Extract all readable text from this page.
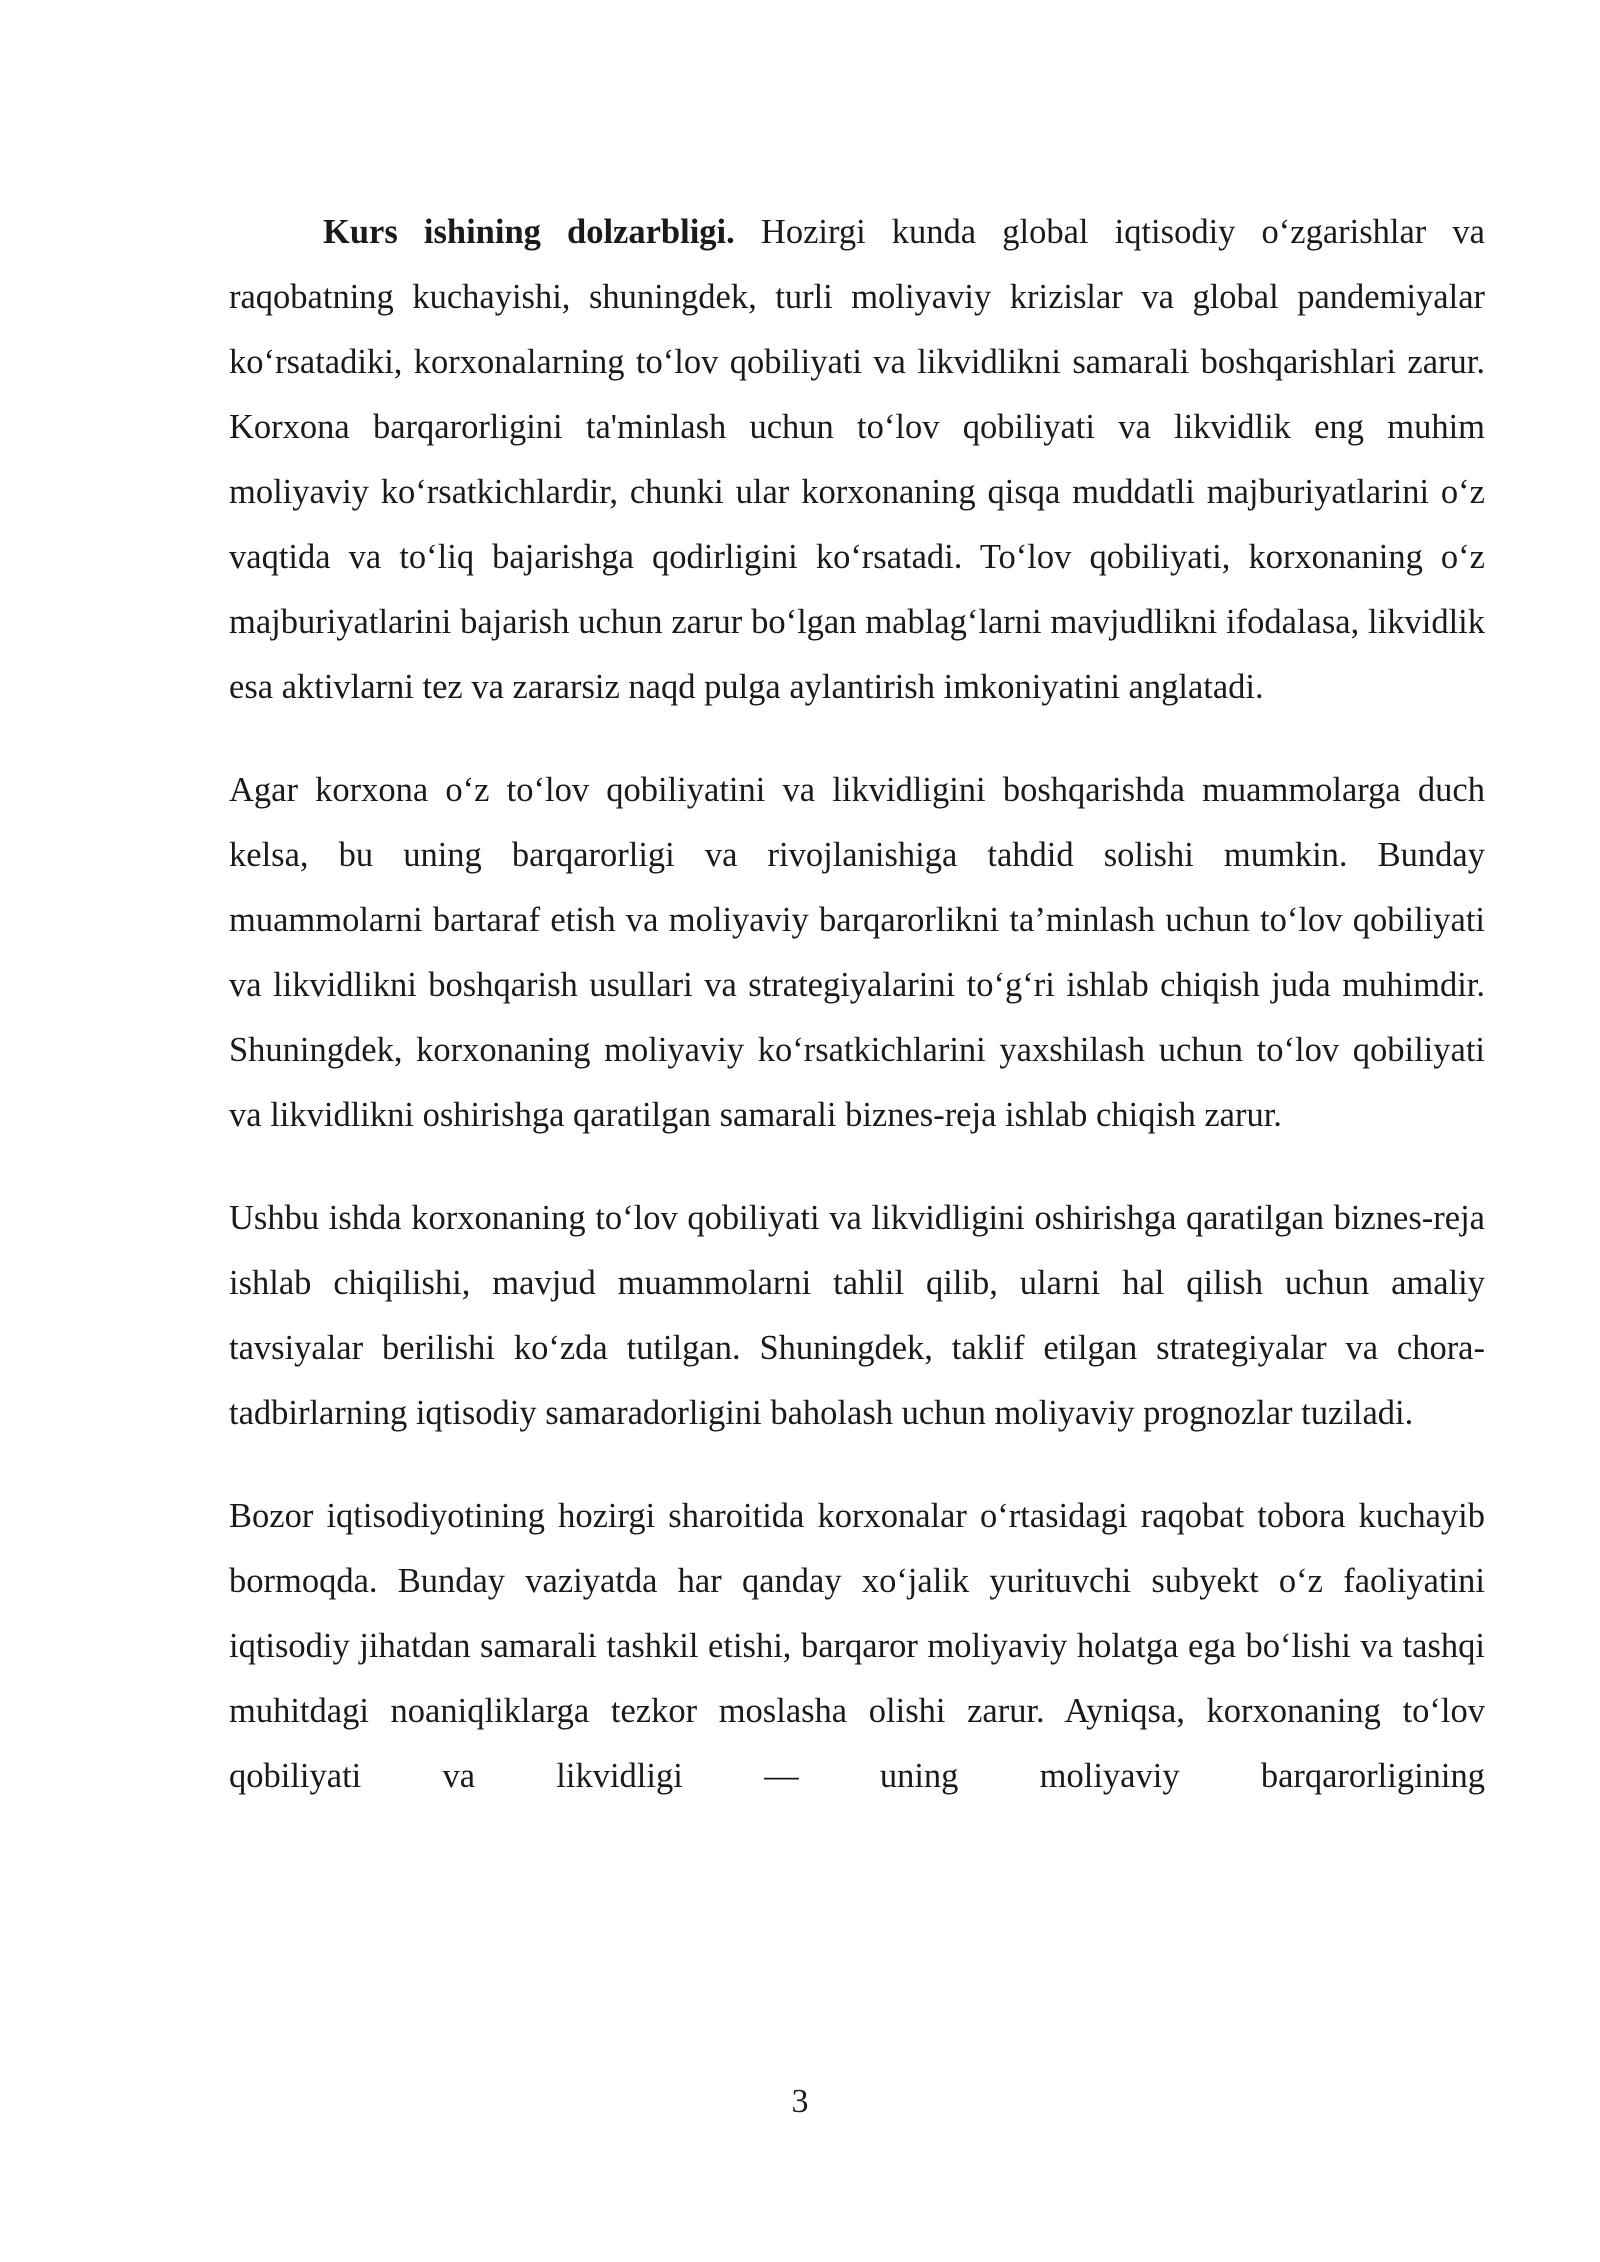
Kurs ishining dolzarbligi. Hozirgi kunda global iqtisodiy o‘zgarishlar va raqobatning kuchayishi, shuningdek, turli moliyaviy krizislar va global pandemiyalar ko‘rsatadiki, korxonalarning to‘lov qobiliyati va likvidlikni samarali boshqarishlari zarur. Korxona barqarorligini ta'minlash uchun to‘lov qobiliyati va likvidlik eng muhim moliyaviy ko‘rsatkichlardir, chunki ular korxonaning qisqa muddatli majburiyatlarini o‘z vaqtida va to‘liq bajarishga qodirligini ko‘rsatadi. To‘lov qobiliyati, korxonaning o‘z majburiyatlarini bajarish uchun zarur bo‘lgan mablag‘larni mavjudlikni ifodalasa, likvidlik esa aktivlarni tez va zararsiz naqd pulga aylantirish imkoniyatini anglatadi.

Agar korxona o‘z to‘lov qobiliyatini va likvidligini boshqarishda muammolarga duch kelsa, bu uning barqarorligi va rivojlanishiga tahdid solishi mumkin. Bunday muammolarni bartaraf etish va moliyaviy barqarorlikni ta’minlash uchun to‘lov qobiliyati va likvidlikni boshqarish usullari va strategiyalarini to‘g‘ri ishlab chiqish juda muhimdir. Shuningdek, korxonaning moliyaviy ko‘rsatkichlarini yaxshilash uchun to‘lov qobiliyati va likvidlikni oshirishga qaratilgan samarali biznes-reja ishlab chiqish zarur.

Ushbu ishda korxonaning to‘lov qobiliyati va likvidligini oshirishga qaratilgan biznes-reja ishlab chiqilishi, mavjud muammolarni tahlil qilib, ularni hal qilish uchun amaliy tavsiyalar berilishi ko‘zda tutilgan. Shuningdek, taklif etilgan strategiyalar va chora-tadbirlarning iqtisodiy samaradorligini baholash uchun moliyaviy prognozlar tuziladi.

Bozor iqtisodiyotining hozirgi sharoitida korxonalar o‘rtasidagi raqobat tobora kuchayib bormoqda. Bunday vaziyatda har qanday xo‘jalik yurituvchi subyekt o‘z faoliyatini iqtisodiy jihatdan samarali tashkil etishi, barqaror moliyaviy holatga ega bo‘lishi va tashqi muhitdagi noaniqliklarga tezkor moslasha olishi zarur. Ayniqsa, korxonaning to‘lov qobiliyati va likvidligi — uning moliyaviy barqarorligining

3
